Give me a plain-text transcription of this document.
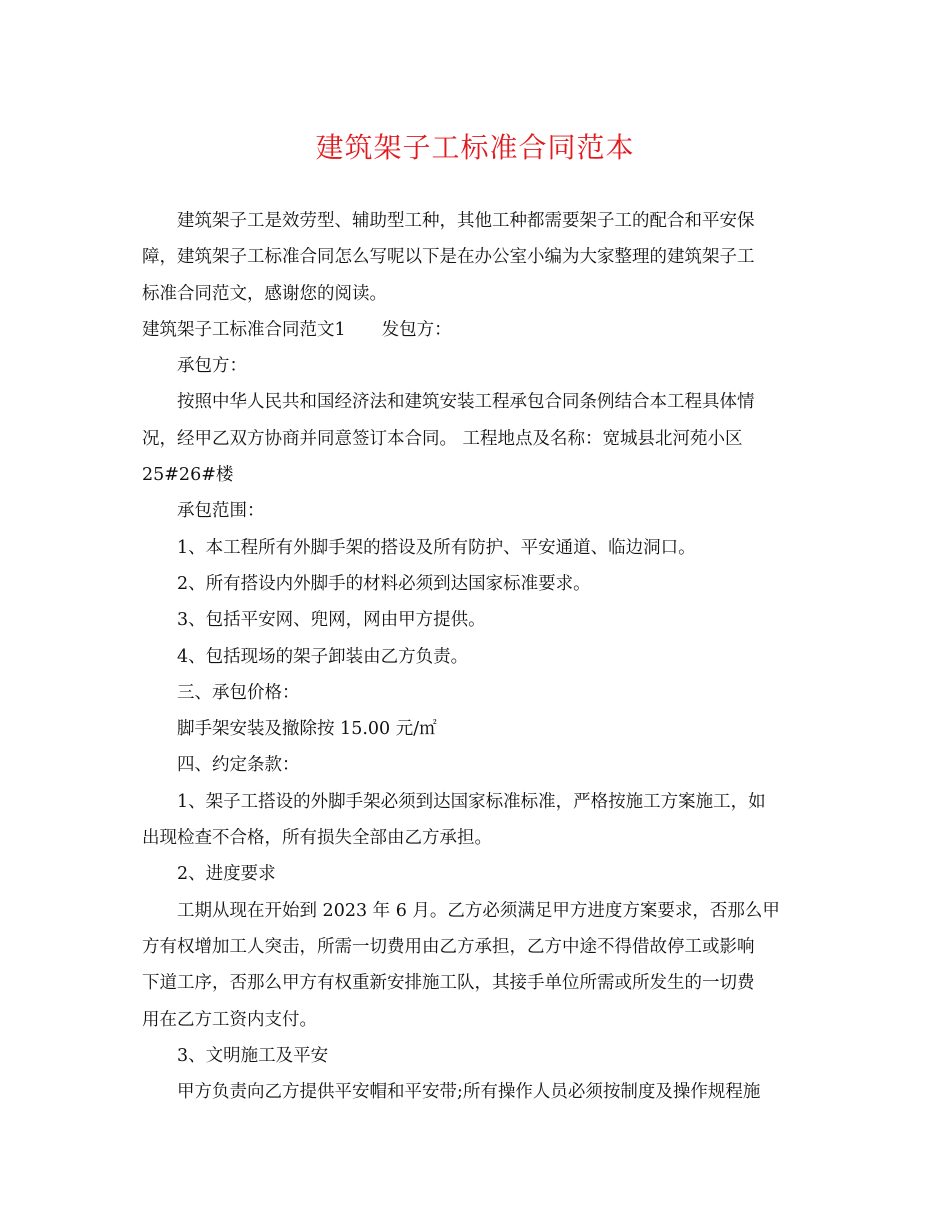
建筑架子工标准合同范本

建筑架子工是效劳型、辅助型工种，其他工种都需要架子工的配合和平安保

障，建筑架子工标准合同怎么写呢以下是在办公室小编为大家整理的建筑架子工

标准合同范文，感谢您的阅读。

建筑架子工标准合同范文1 发包方：

承包方：

按照中华人民共和国经济法和建筑安装工程承包合同条例结合本工程具体情

况，经甲乙双方协商并同意签订本合同。 工程地点及名称：宽城县北河苑小区

25#26#楼

承包范围：

1、本工程所有外脚手架的搭设及所有防护、平安通道、临边洞口。

2、所有搭设内外脚手的材料必须到达国家标准要求。

3、包括平安网、兜网，网由甲方提供。

4、包括现场的架子卸装由乙方负责。

三、承包价格：

脚手架安装及撤除按 15.00 元/㎡

四、约定条款：

1、架子工搭设的外脚手架必须到达国家标准标准，严格按施工方案施工，如

出现检查不合格，所有损失全部由乙方承担。

2、进度要求

工期从现在开始到 2023 年 6 月。乙方必须满足甲方进度方案要求，否那么甲

方有权增加工人突击，所需一切费用由乙方承担，乙方中途不得借故停工或影响

下道工序，否那么甲方有权重新安排施工队，其接手单位所需或所发生的一切费

用在乙方工资内支付。

3、文明施工及平安

甲方负责向乙方提供平安帽和平安带;所有操作人员必须按制度及操作规程施
